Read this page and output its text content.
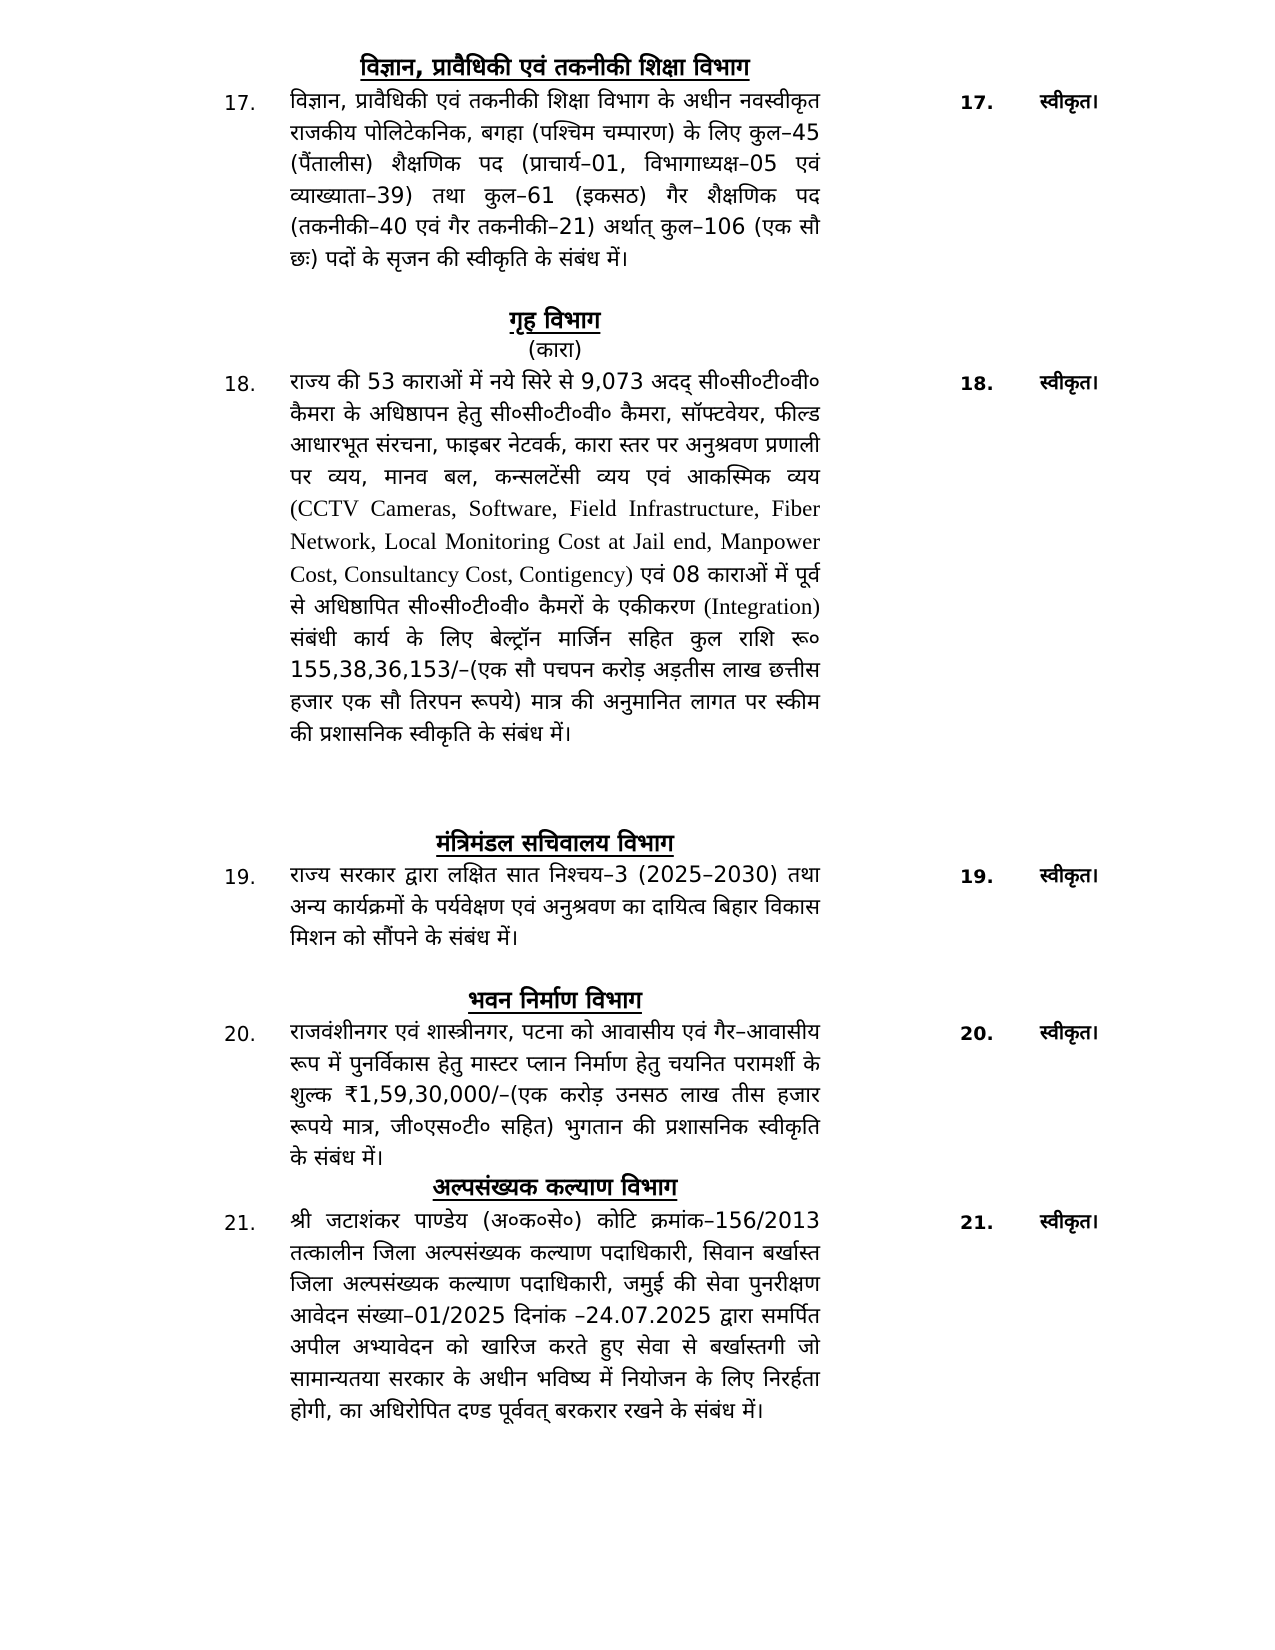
विज्ञान, प्रावैधिकी एवं तकनीकी शिक्षा विभाग
17. विज्ञान, प्रावैधिकी एवं तकनीकी शिक्षा विभाग के अधीन नवस्वीकृत राजकीय पोलिटेकनिक, बगहा (पश्चिम चम्पारण) के लिए कुल–45 (पैंतालीस) शैक्षणिक पद (प्राचार्य–01, विभागाध्यक्ष–05 एवं व्याख्याता–39) तथा कुल–61 (इकसठ) गैर शैक्षणिक पद (तकनीकी–40 एवं गैर तकनीकी–21) अर्थात् कुल–106 (एक सौ छः) पदों के सृजन की स्वीकृति के संबंध में।
17. स्वीकृत।
गृह विभाग
(कारा)
18. राज्य की 53 काराओं में नये सिरे से 9,073 अदद् सी०सी०टी०वी० कैमरा के अधिष्ठापन हेतु सी०सी०टी०वी० कैमरा, सॉफ्टवेयर, फील्ड आधारभूत संरचना, फाइबर नेटवर्क, कारा स्तर पर अनुश्रवण प्रणाली पर व्यय, मानव बल, कन्सलटेंसी व्यय एवं आकस्मिक व्यय (CCTV Cameras, Software, Field Infrastructure, Fiber Network, Local Monitoring Cost at Jail end, Manpower Cost, Consultancy Cost, Contigency) एवं 08 काराओं में पूर्व से अधिष्ठापित सी०सी०टी०वी० कैमरों के एकीकरण (Integration) संबंधी कार्य के लिए बेल्ट्रॉन मार्जिन सहित कुल राशि रू० 155,38,36,153/–(एक सौ पचपन करोड़ अड़तीस लाख छत्तीस हजार एक सौ तिरपन रूपये) मात्र की अनुमानित लागत पर स्कीम की प्रशासनिक स्वीकृति के संबंध में।
18. स्वीकृत।
मंत्रिमंडल सचिवालय विभाग
19. राज्य सरकार द्वारा लक्षित सात निश्चय–3 (2025–2030) तथा अन्य कार्यक्रमों के पर्यवेक्षण एवं अनुश्रवण का दायित्व बिहार विकास मिशन को सौंपने के संबंध में।
19. स्वीकृत।
भवन निर्माण विभाग
20. राजवंशीनगर एवं शास्त्रीनगर, पटना को आवासीय एवं गैर–आवासीय रूप में पुनर्विकास हेतु मास्टर प्लान निर्माण हेतु चयनित परामर्शी के शुल्क ₹1,59,30,000/–(एक करोड़ उनसठ लाख तीस हजार रूपये मात्र, जी०एस०टी० सहित) भुगतान की प्रशासनिक स्वीकृति के संबंध में।
20. स्वीकृत।
अल्पसंख्यक कल्याण विभाग
21. श्री जटाशंकर पाण्डेय (अ०क०से०) कोटि क्रमांक–156/2013 तत्कालीन जिला अल्पसंख्यक कल्याण पदाधिकारी, सिवान बर्खास्त जिला अल्पसंख्यक कल्याण पदाधिकारी, जमुई की सेवा पुनरीक्षण आवेदन संख्या–01/2025 दिनांक –24.07.2025 द्वारा समर्पित अपील अभ्यावेदन को खारिज करते हुए सेवा से बर्खास्तगी जो सामान्यतया सरकार के अधीन भविष्य में नियोजन के लिए निरर्हता होगी, का अधिरोपित दण्ड पूर्ववत् बरकरार रखने के संबंध में।
21. स्वीकृत।
